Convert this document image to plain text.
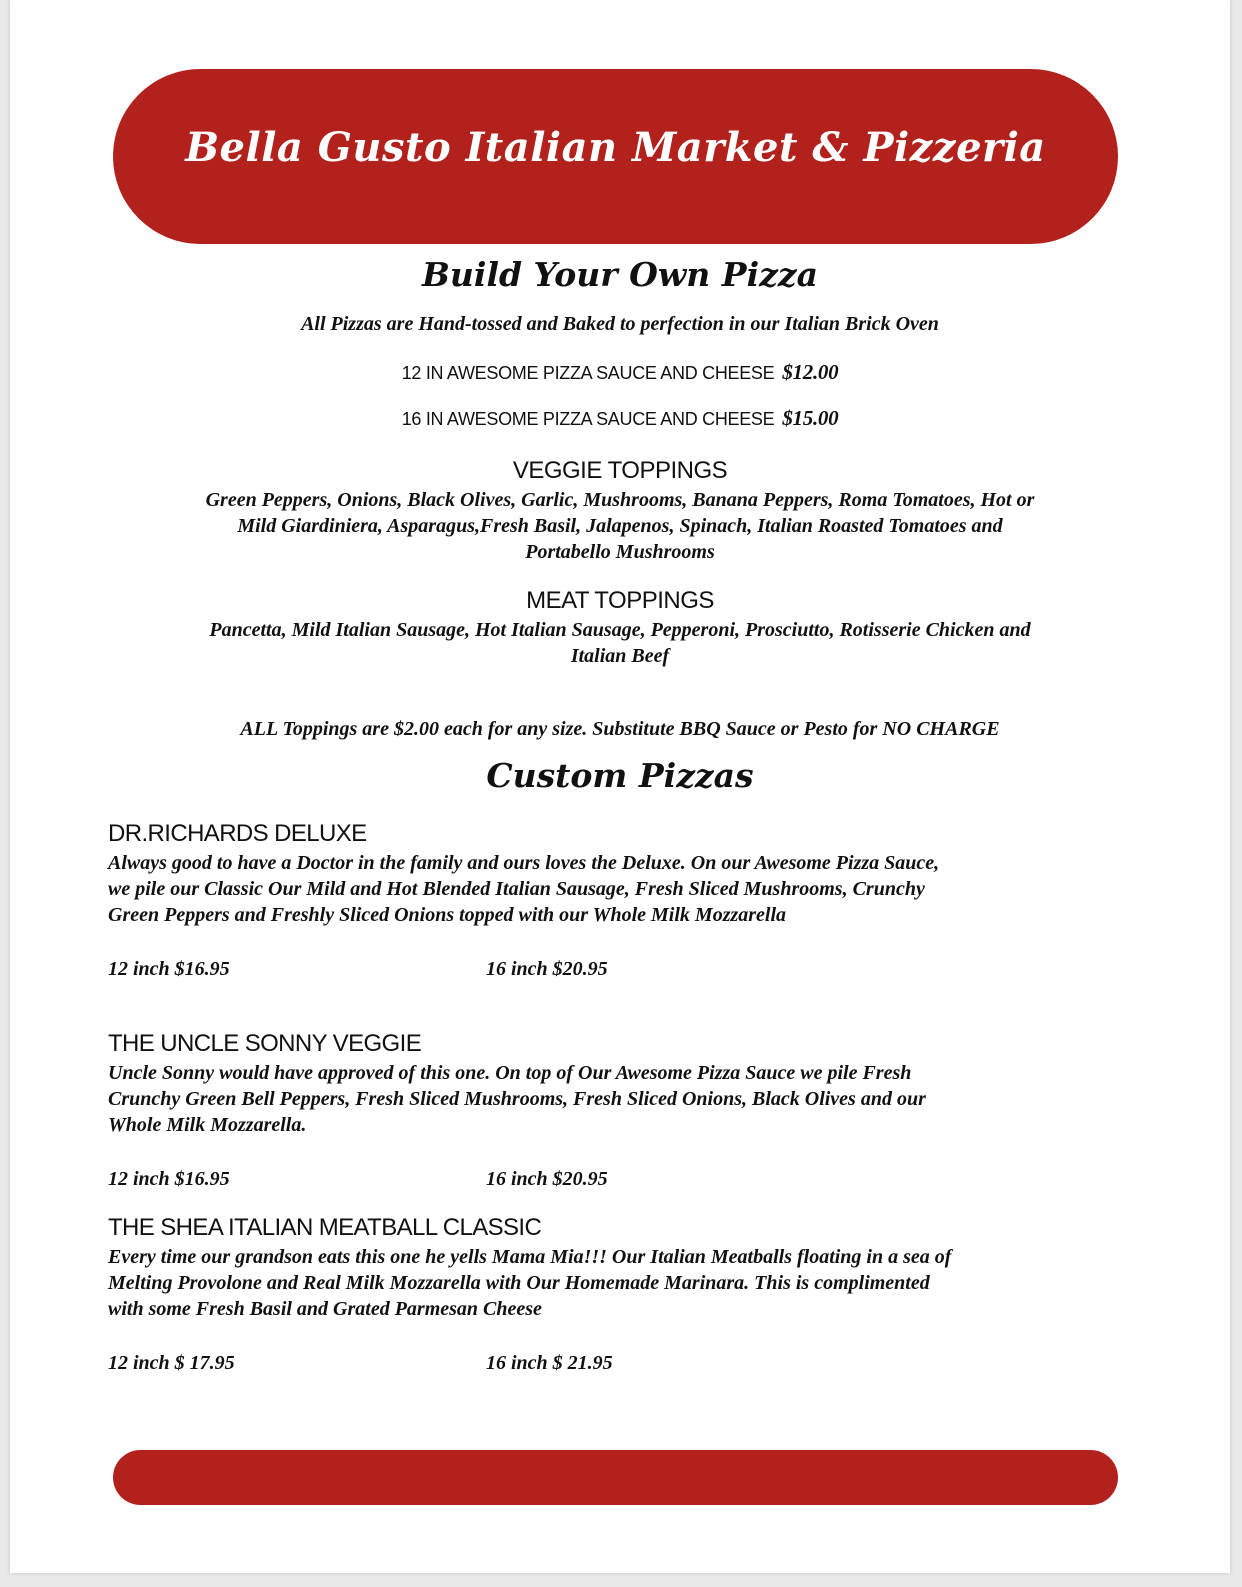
Bella Gusto Italian Market & Pizzeria
Build Your Own Pizza
All Pizzas are Hand-tossed and Baked to perfection in our Italian Brick Oven
12 IN AWESOME PIZZA SAUCE AND CHEESE $12.00
16 IN AWESOME PIZZA SAUCE AND CHEESE $15.00
VEGGIE TOPPINGS
Green Peppers, Onions, Black Olives, Garlic, Mushrooms, Banana Peppers, Roma Tomatoes, Hot or
Mild Giardiniera, Asparagus,Fresh Basil, Jalapenos, Spinach, Italian Roasted Tomatoes and
Portabello Mushrooms
MEAT TOPPINGS
Pancetta, Mild Italian Sausage, Hot Italian Sausage, Pepperoni, Prosciutto, Rotisserie Chicken and
Italian Beef
ALL Toppings are $2.00 each for any size. Substitute BBQ Sauce or Pesto for NO CHARGE
Custom Pizzas
DR.RICHARDS DELUXE
Always good to have a Doctor in the family and ours loves the Deluxe. On our Awesome Pizza Sauce,
we pile our Classic Our Mild and Hot Blended Italian Sausage, Fresh Sliced Mushrooms, Crunchy
Green Peppers and Freshly Sliced Onions topped with our Whole Milk Mozzarella
12 inch $16.95	16 inch $20.95
THE UNCLE SONNY VEGGIE
Uncle Sonny would have approved of this one. On top of Our Awesome Pizza Sauce we pile Fresh
Crunchy Green Bell Peppers, Fresh Sliced Mushrooms, Fresh Sliced Onions, Black Olives and our
Whole Milk Mozzarella.
12 inch $16.95	16 inch $20.95
THE SHEA ITALIAN MEATBALL CLASSIC
Every time our grandson eats this one he yells Mama Mia!!! Our Italian Meatballs floating in a sea of
Melting Provolone and Real Milk Mozzarella with Our Homemade Marinara. This is complimented
with some Fresh Basil and Grated Parmesan Cheese
12 inch $ 17.95	16 inch $ 21.95
